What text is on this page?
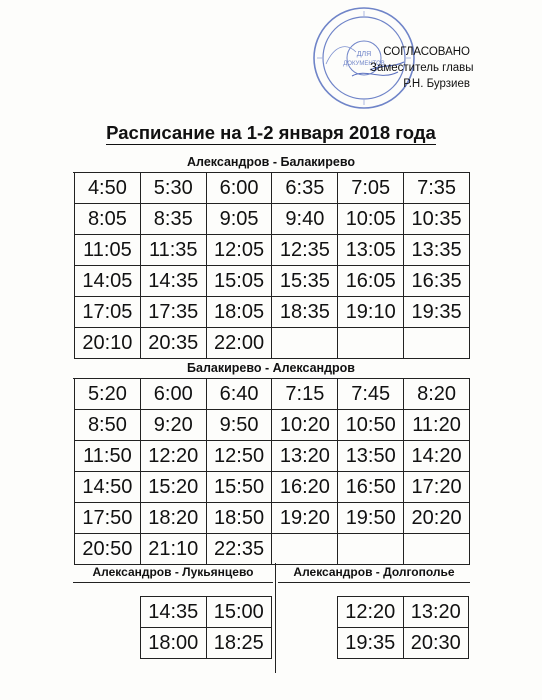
ДЛЯ
ДОКУМЕНТОВ
СОГЛАСОВАНО
Заместитель главы
Р.Н. Бурзиев
Расписание на 1-2 января 2018 года
Александров - Балакирево
4:50	5:30	6:00	6:35	7:05	7:35
8:05	8:35	9:05	9:40	10:05	10:35
11:05	11:35	12:05	12:35	13:05	13:35
14:05	14:35	15:05	15:35	16:05	16:35
17:05	17:35	18:05	18:35	19:10	19:35
20:10	20:35	22:00			
Балакирево - Александров
5:20	6:00	6:40	7:15	7:45	8:20
8:50	9:20	9:50	10:20	10:50	11:20
11:50	12:20	12:50	13:20	13:50	14:20
14:50	15:20	15:50	16:20	16:50	17:20
17:50	18:20	18:50	19:20	19:50	20:20
20:50	21:10	22:35			
Александров - Лукьянцево
14:35	15:00
18:00	18:25
Александров - Долгополье
12:20	13:20
19:35	20:30
